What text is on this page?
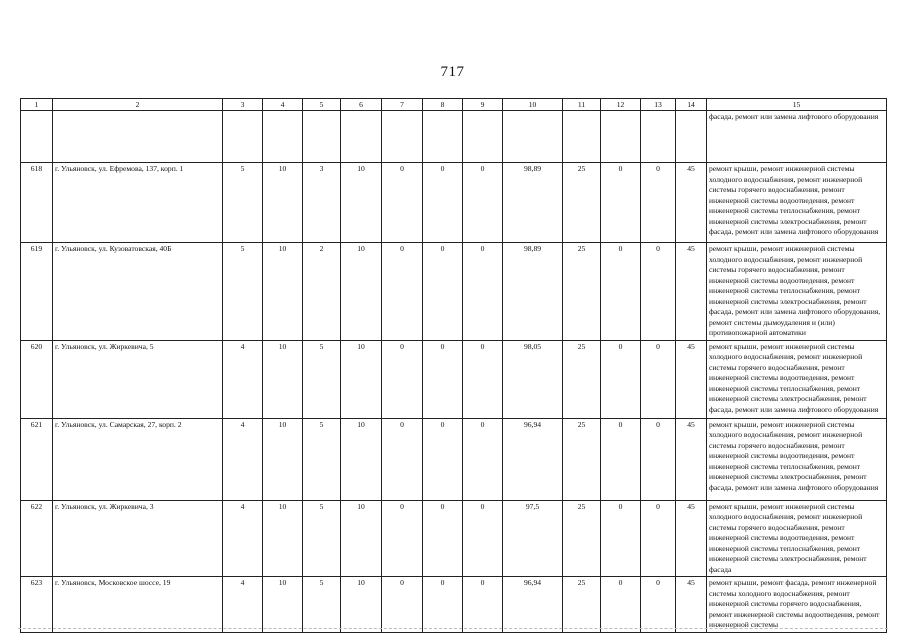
717
1	2	3	4	5	6	7	8	9	10	11	12	13	14	15
														фасада, ремонт или замена лифтового оборудования
618	г. Ульяновск, ул. Ефремова, 137, корп. 1	5	10	3	10	0	0	0	98,89	25	0	0	45	ремонт крыши, ремонт инженерной системы холодного водоснабжения, ремонт инженерной системы горячего водоснабжения, ремонт инженерной системы водоотведения, ремонт инженерной системы теплоснабжения, ремонт инженерной системы электроснабжения, ремонт фасада, ремонт или замена лифтового оборудования
619	г. Ульяновск, ул. Кузоватовская, 40Б	5	10	2	10	0	0	0	98,89	25	0	0	45	ремонт крыши, ремонт инженерной системы холодного водоснабжения, ремонт инженерной системы горячего водоснабжения, ремонт инженерной системы водоотведения, ремонт инженерной системы теплоснабжения, ремонт инженерной системы электроснабжения, ремонт фасада, ремонт или замена лифтового оборудования, ремонт системы дымоудаления и (или) противопожарной автоматики
620	г. Ульяновск, ул. Жиркевича, 5	4	10	5	10	0	0	0	98,05	25	0	0	45	ремонт крыши, ремонт инженерной системы холодного водоснабжения, ремонт инженерной системы горячего водоснабжения, ремонт инженерной системы водоотведения, ремонт инженерной системы теплоснабжения, ремонт инженерной системы электроснабжения, ремонт фасада, ремонт или замена лифтового оборудования
621	г. Ульяновск, ул. Самарская, 27, корп. 2	4	10	5	10	0	0	0	96,94	25	0	0	45	ремонт крыши, ремонт инженерной системы холодного водоснабжения, ремонт инженерной системы горячего водоснабжения, ремонт инженерной системы водоотведения, ремонт инженерной системы теплоснабжения, ремонт инженерной системы электроснабжения, ремонт фасада, ремонт или замена лифтового оборудования
622	г. Ульяновск, ул. Жиркевича, 3	4	10	5	10	0	0	0	97,5	25	0	0	45	ремонт крыши, ремонт инженерной системы холодного водоснабжения, ремонт инженерной системы горячего водоснабжения, ремонт инженерной системы водоотведения, ремонт инженерной системы теплоснабжения, ремонт инженерной системы электроснабжения, ремонт фасада
623	г. Ульяновск, Московское шоссе, 19	4	10	5	10	0	0	0	96,94	25	0	0	45	ремонт крыши, ремонт фасада, ремонт инженерной системы холодного водоснабжения, ремонт инженерной системы горячего водоснабжения, ремонт инженерной системы водоотведения, ремонт инженерной системы
